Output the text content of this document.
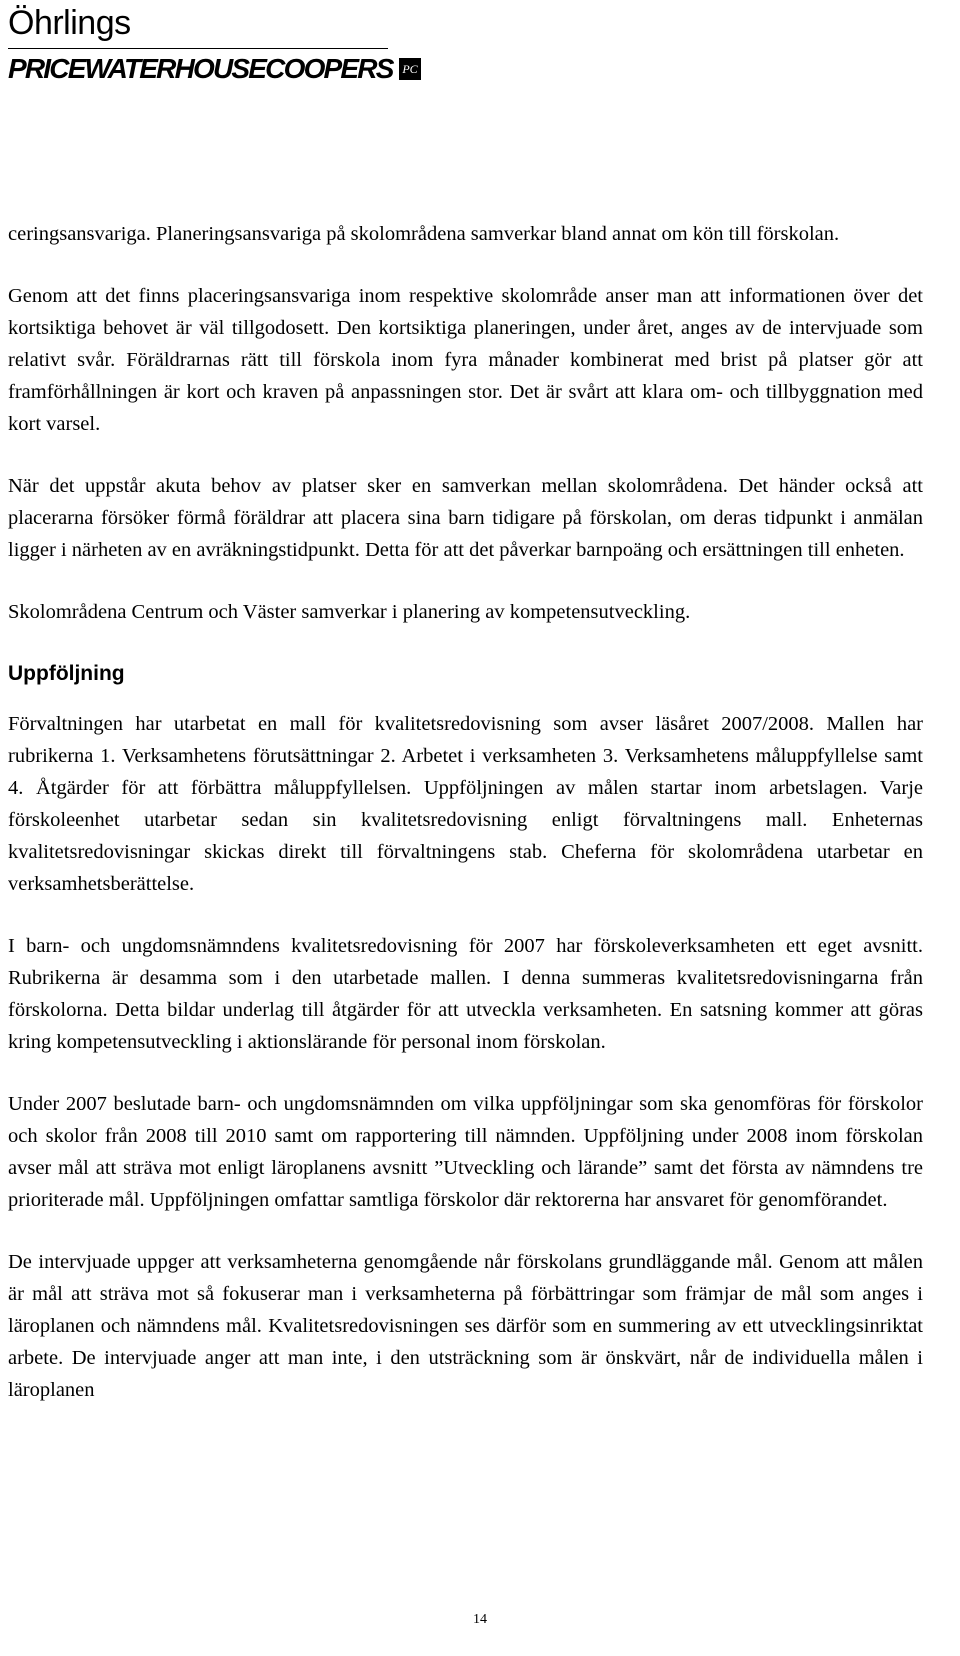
Öhrlings
PRICEWATERHOUSECOOPERS PC

ceringsansvariga. Planeringsansvariga på skolområdena samverkar bland annat om kön till förskolan.

Genom att det finns placeringsansvariga inom respektive skolområde anser man att informationen över det kortsiktiga behovet är väl tillgodosett. Den kortsiktiga planeringen, under året, anges av de intervjuade som relativt svår. Föräldrarnas rätt till förskola inom fyra månader kombinerat med brist på platser gör att framförhållningen är kort och kraven på anpassningen stor. Det är svårt att klara om- och tillbyggnation med kort varsel.

När det uppstår akuta behov av platser sker en samverkan mellan skolområdena. Det händer också att placerarna försöker förmå föräldrar att placera sina barn tidigare på förskolan, om deras tidpunkt i anmälan ligger i närheten av en avräkningstidpunkt. Detta för att det påverkar barnpoäng och ersättningen till enheten.

Skolområdena Centrum och Väster samverkar i planering av kompetensutveckling.

Uppföljning

Förvaltningen har utarbetat en mall för kvalitetsredovisning som avser läsåret 2007/2008. Mallen har rubrikerna 1. Verksamhetens förutsättningar 2. Arbetet i verksamheten 3. Verksamhetens måluppfyllelse samt 4. Åtgärder för att förbättra måluppfyllelsen. Uppföljningen av målen startar inom arbetslagen. Varje förskoleenhet utarbetar sedan sin kvalitetsredovisning enligt förvaltningens mall. Enheternas kvalitetsredovisningar skickas direkt till förvaltningens stab. Cheferna för skolområdena utarbetar en verksamhetsberättelse.

I barn- och ungdomsnämndens kvalitetsredovisning för 2007 har förskoleverksamheten ett eget avsnitt. Rubrikerna är desamma som i den utarbetade mallen. I denna summeras kvalitetsredovisningarna från förskolorna. Detta bildar underlag till åtgärder för att utveckla verksamheten. En satsning kommer att göras kring kompetensutveckling i aktionslärande för personal inom förskolan.

Under 2007 beslutade barn- och ungdomsnämnden om vilka uppföljningar som ska genomföras för förskolor och skolor från 2008 till 2010 samt om rapportering till nämnden. Uppföljning under 2008 inom förskolan avser mål att sträva mot enligt läroplanens avsnitt ”Utveckling och lärande” samt det första av nämndens tre prioriterade mål. Uppföljningen omfattar samtliga förskolor där rektorerna har ansvaret för genomförandet.

De intervjuade uppger att verksamheterna genomgående når förskolans grundläggande mål. Genom att målen är mål att sträva mot så fokuserar man i verksamheterna på förbättringar som främjar de mål som anges i läroplanen och nämndens mål. Kvalitetsredovisningen ses därför som en summering av ett utvecklingsinriktat arbete. De intervjuade anger att man inte, i den utsträckning som är önskvärt, når de individuella målen i läroplanen

14
